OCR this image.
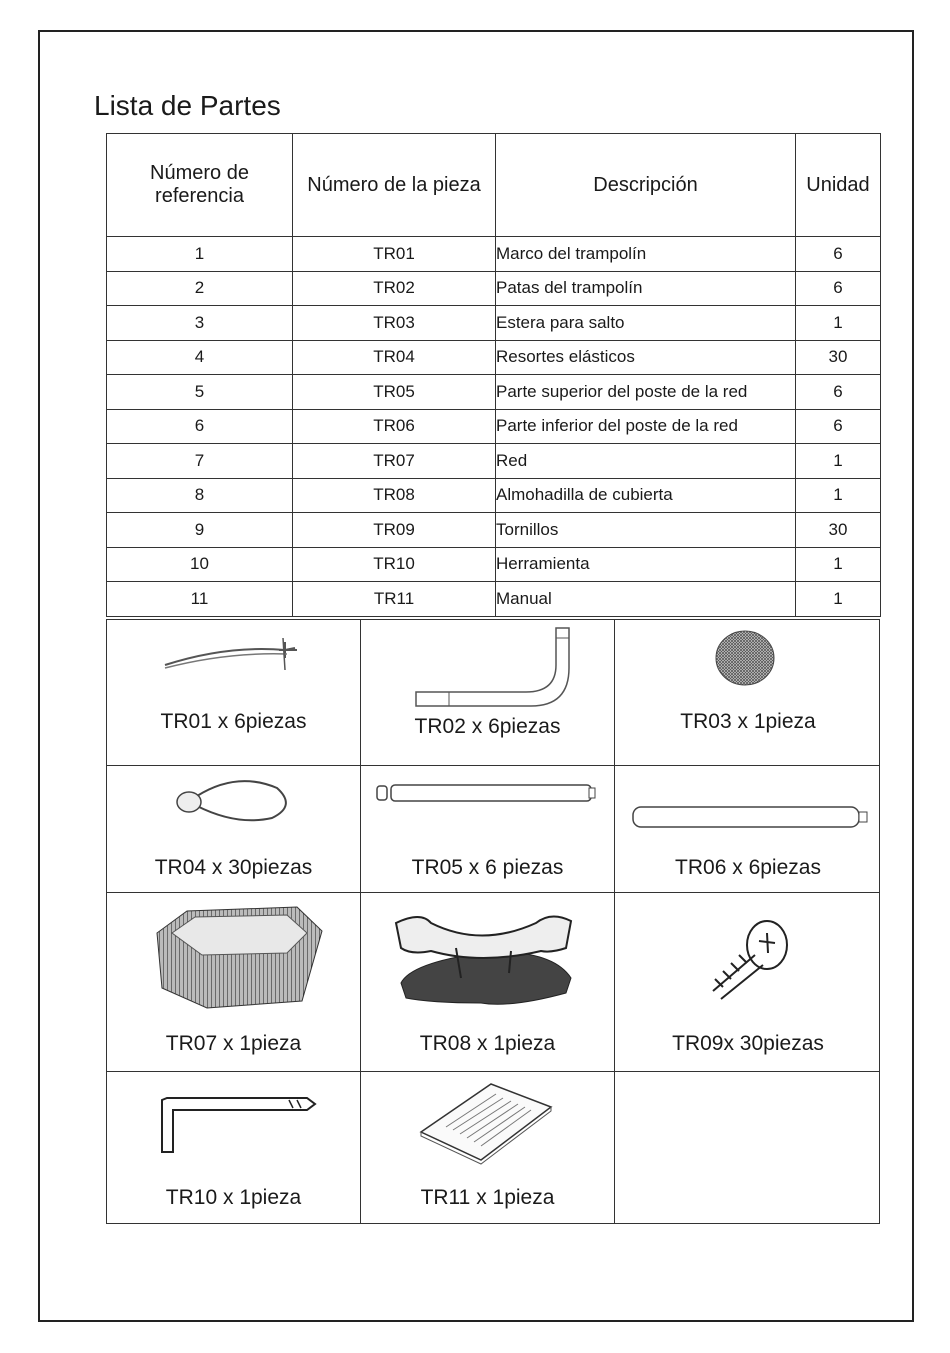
Lista de Partes
Número de referencia	Número de la pieza	Descripción	Unidad
1	TR01	Marco del trampolín	6
2	TR02	Patas del trampolín	6
3	TR03	Estera para salto	1
4	TR04	Resortes elásticos	30
5	TR05	Parte superior del poste de la red	6
6	TR06	Parte inferior del poste de la red	6
7	TR07	Red	1
8	TR08	Almohadilla de cubierta	1
9	TR09	Tornillos	30
10	TR10	Herramienta	1
11	TR11	Manual	1
TR01 x 6piezas	TR02 x 6piezas	TR03 x 1pieza
TR04 x 30piezas	TR05 x 6 piezas	TR06 x 6piezas
TR07 x 1pieza	TR08 x 1pieza	TR09x 30piezas
TR10 x 1pieza	TR11 x 1pieza
